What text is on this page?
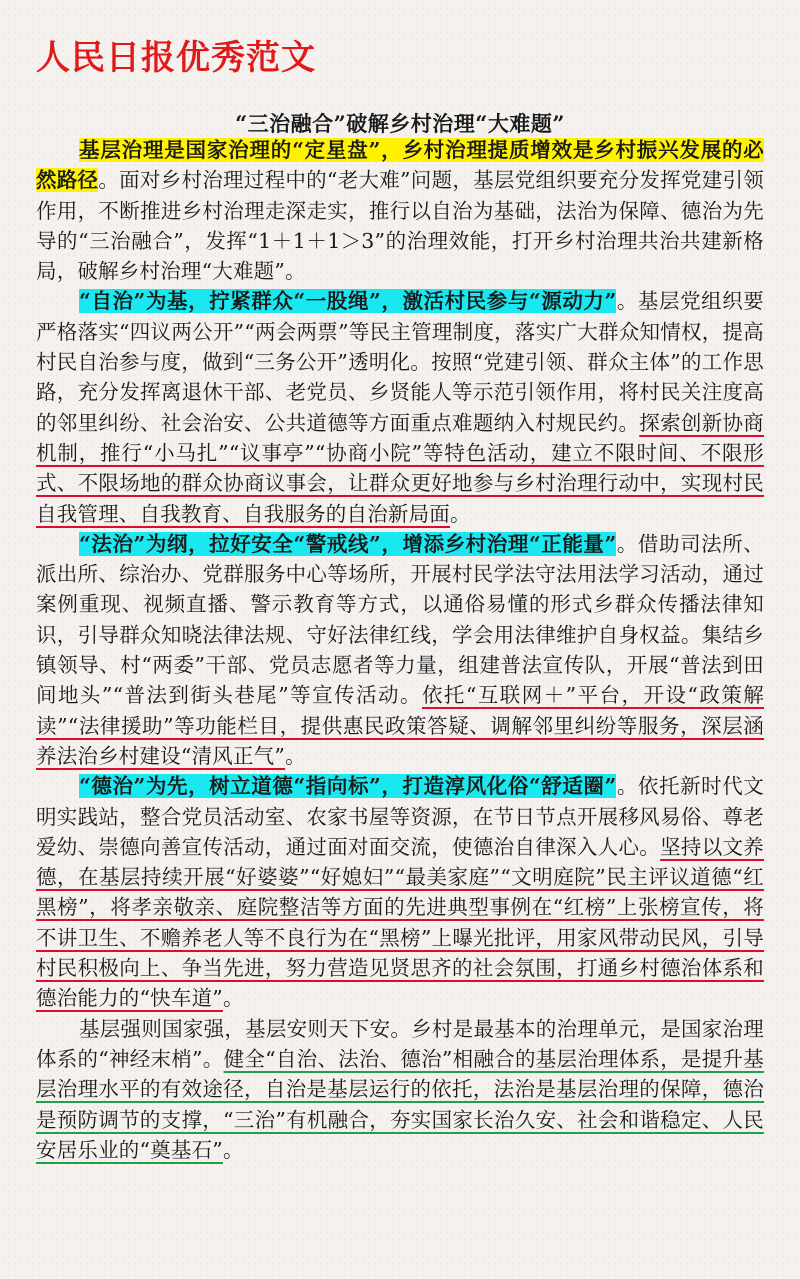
人民日报优秀范文
“三治融合”破解乡村治理“大难题”

基层治理是国家治理的“定星盘”，乡村治理提质增效是乡村振兴发展的必然路径。面对乡村治理过程中的“老大难”问题，基层党组织要充分发挥党建引领作用，不断推进乡村治理走深走实，推行以自治为基础，法治为保障、德治为先导的“三治融合”，发挥“1＋1＋1＞3”的治理效能，打开乡村治理共治共建新格局，破解乡村治理“大难题”。

“自治”为基，拧紧群众“一股绳”，激活村民参与“源动力”。基层党组织要严格落实“四议两公开”“两会两票”等民主管理制度，落实广大群众知情权，提高村民自治参与度，做到“三务公开”透明化。按照“党建引领、群众主体”的工作思路，充分发挥离退休干部、老党员、乡贤能人等示范引领作用，将村民关注度高的邻里纠纷、社会治安、公共道德等方面重点难题纳入村规民约。探索创新协商机制，推行“小马扎”“议事亭”“协商小院”等特色活动，建立不限时间、不限形式、不限场地的群众协商议事会，让群众更好地参与乡村治理行动中，实现村民自我管理、自我教育、自我服务的自治新局面。

“法治”为纲，拉好安全“警戒线”，增添乡村治理“正能量”。借助司法所、派出所、综治办、党群服务中心等场所，开展村民学法守法用法学习活动，通过案例重现、视频直播、警示教育等方式，以通俗易懂的形式乡群众传播法律知识，引导群众知晓法律法规、守好法律红线，学会用法律维护自身权益。集结乡镇领导、村“两委”干部、党员志愿者等力量，组建普法宣传队，开展“普法到田间地头”“普法到街头巷尾”等宣传活动。依托“互联网＋”平台，开设“政策解读”“法律援助”等功能栏目，提供惠民政策答疑、调解邻里纠纷等服务，深层涵养法治乡村建设“清风正气”。

“德治”为先，树立道德“指向标”，打造淳风化俗“舒适圈”。依托新时代文明实践站，整合党员活动室、农家书屋等资源，在节日节点开展移风易俗、尊老爱幼、崇德向善宣传活动，通过面对面交流，使德治自律深入人心。坚持以文养德，在基层持续开展“好婆婆”“好媳妇”“最美家庭”“文明庭院”民主评议道德“红黑榜”，将孝亲敬亲、庭院整洁等方面的先进典型事例在“红榜”上张榜宣传，将不讲卫生、不赡养老人等不良行为在“黑榜”上曝光批评，用家风带动民风，引导村民积极向上、争当先进，努力营造见贤思齐的社会氛围，打通乡村德治体系和德治能力的“快车道”。

基层强则国家强，基层安则天下安。乡村是最基本的治理单元，是国家治理体系的“神经末梢”。健全“自治、法治、德治”相融合的基层治理体系，是提升基层治理水平的有效途径，自治是基层运行的依托，法治是基层治理的保障，德治是预防调节的支撑，“三治”有机融合，夯实国家长治久安、社会和谐稳定、人民安居乐业的“奠基石”。
